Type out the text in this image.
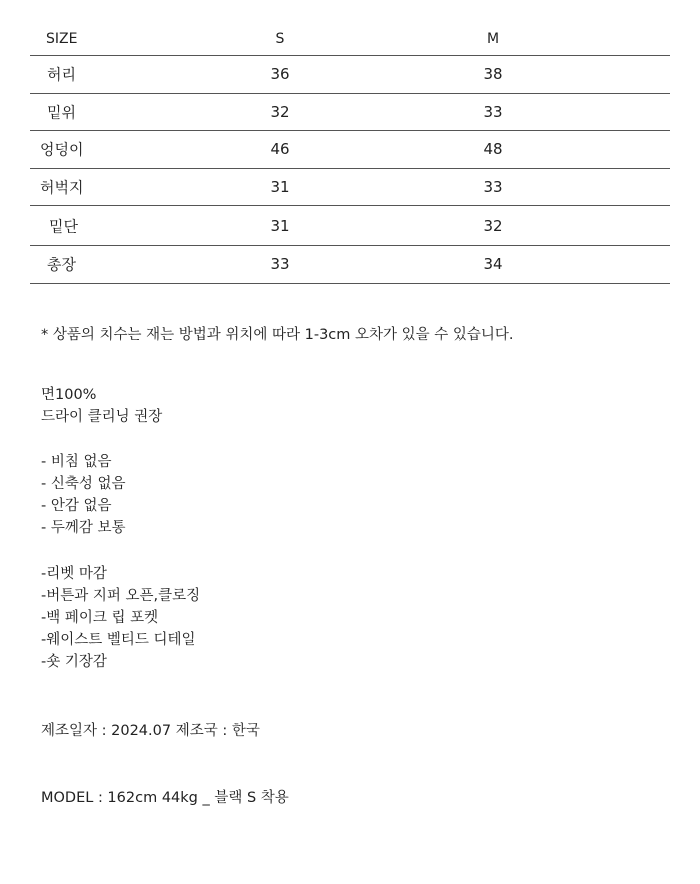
SIZE	S	M
허리	36	38
밑위	32	33
엉덩이	46	48
허벅지	31	33
밑단	31	32
총장	33	34
* 상품의 치수는 재는 방법과 위치에 따라 1-3cm 오차가 있을 수 있습니다.
면100%
드라이 클리닝 권장
- 비침 없음
- 신축성 없음
- 안감 없음
- 두께감 보통
-리벳 마감
-버튼과 지퍼 오픈,클로징
-백 페이크 립 포켓
-웨이스트 벨티드 디테일
-숏 기장감
제조일자 : 2024.07 제조국 : 한국
MODEL : 162cm 44kg _ 블랙 S 착용
